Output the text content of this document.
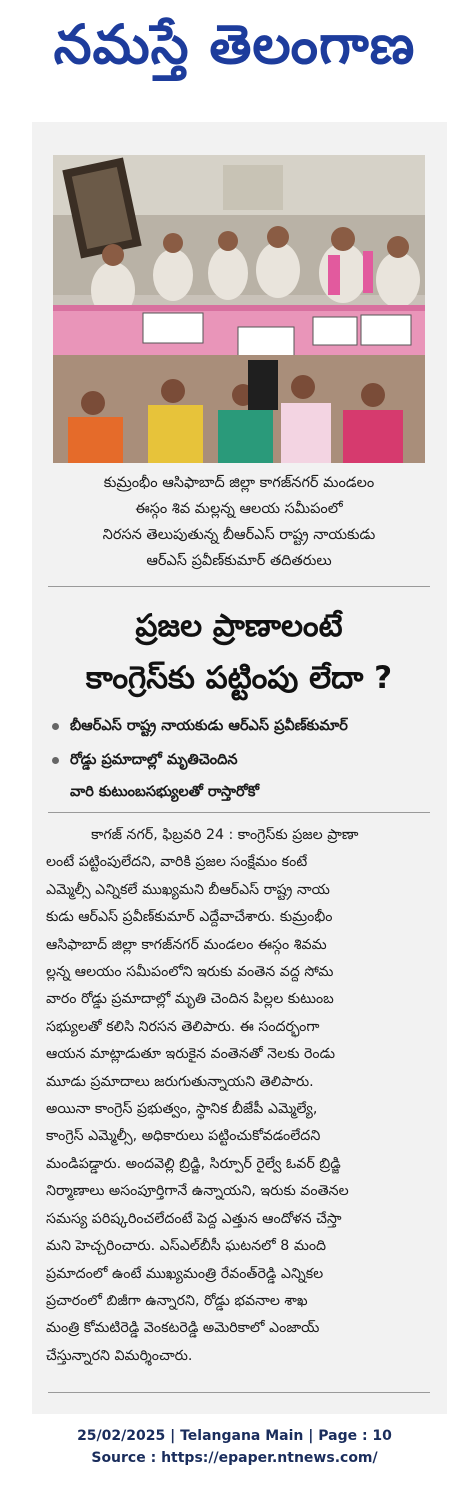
నమస్తే తెలంగాణ
కుమ్రంభీం ఆసిఫాబాద్ జిల్లా కాగజ్‌నగర్ మండలం
ఈస్గం శివ మల్లన్న ఆలయ సమీపంలో
నిరసన తెలుపుతున్న బీఆర్‌ఎస్ రాష్ట్ర నాయకుడు
ఆర్‌ఎస్ ప్రవీణ్‌కుమార్ తదితరులు
ప్రజల ప్రాణాలంటే
కాంగ్రెస్‌కు పట్టింపు లేదా ?
బీఆర్‌ఎస్ రాష్ట్ర నాయకుడు ఆర్‌ఎస్ ప్రవీణ్‌కుమార్
రోడ్డు ప్రమాదాల్లో మృతిచెందిన
వారి కుటుంబసభ్యులతో రాస్తారోకో
కాగజ్ నగర్, ఫిబ్రవరి 24 : కాంగ్రెస్‌కు ప్రజల ప్రాణా
లంటే పట్టింపులేదని, వారికి ప్రజల సంక్షేమం కంటే
ఎమ్మెల్సీ ఎన్నికలే ముఖ్యమని బీఆర్‌ఎస్ రాష్ట్ర నాయ
కుడు ఆర్‌ఎస్ ప్రవీణ్‌కుమార్ ఎద్దేవాచేశారు. కుమ్రంభీం
ఆసిఫాబాద్ జిల్లా కాగజ్‌నగర్ మండలం ఈస్గం శివమ
ల్లన్న ఆలయం సమీపంలోని ఇరుకు వంతెన వద్ద సోమ
వారం రోడ్డు ప్రమాదాల్లో మృతి చెందిన పిల్లల కుటుంబ
సభ్యులతో కలిసి నిరసన తెలిపారు. ఈ సందర్భంగా
ఆయన మాట్లాడుతూ ఇరుకైన వంతెనతో నెలకు రెండు
మూడు ప్రమాదాలు జరుగుతున్నాయని తెలిపారు.
అయినా కాంగ్రెస్ ప్రభుత్వం, స్థానిక బీజేపీ ఎమ్మెల్యే,
కాంగ్రెస్ ఎమ్మెల్సీ, అధికారులు పట్టించుకోవడంలేదని
మండిపడ్డారు. అందవెల్లి బ్రిడ్జి, సిర్పూర్ రైల్వే ఓవర్ బ్రిడ్జి
నిర్మాణాలు అసంపూర్తిగానే ఉన్నాయని, ఇరుకు వంతెనల
సమస్య పరిష్కరించలేదంటే పెద్ద ఎత్తున ఆందోళన చేస్తా
మని హెచ్చరించారు. ఎస్‌ఎల్‌బీసీ ఘటనలో 8 మంది
ప్రమాదంలో ఉంటే ముఖ్యమంత్రి రేవంత్‌రెడ్డి ఎన్నికల
ప్రచారంలో బిజీగా ఉన్నారని, రోడ్డు భవనాల శాఖ
మంత్రి కోమటిరెడ్డి వెంకటరెడ్డి అమెరికాలో ఎంజాయ్
చేస్తున్నారని విమర్శించారు.
25/02/2025 | Telangana Main | Page : 10
Source : https://epaper.ntnews.com/
